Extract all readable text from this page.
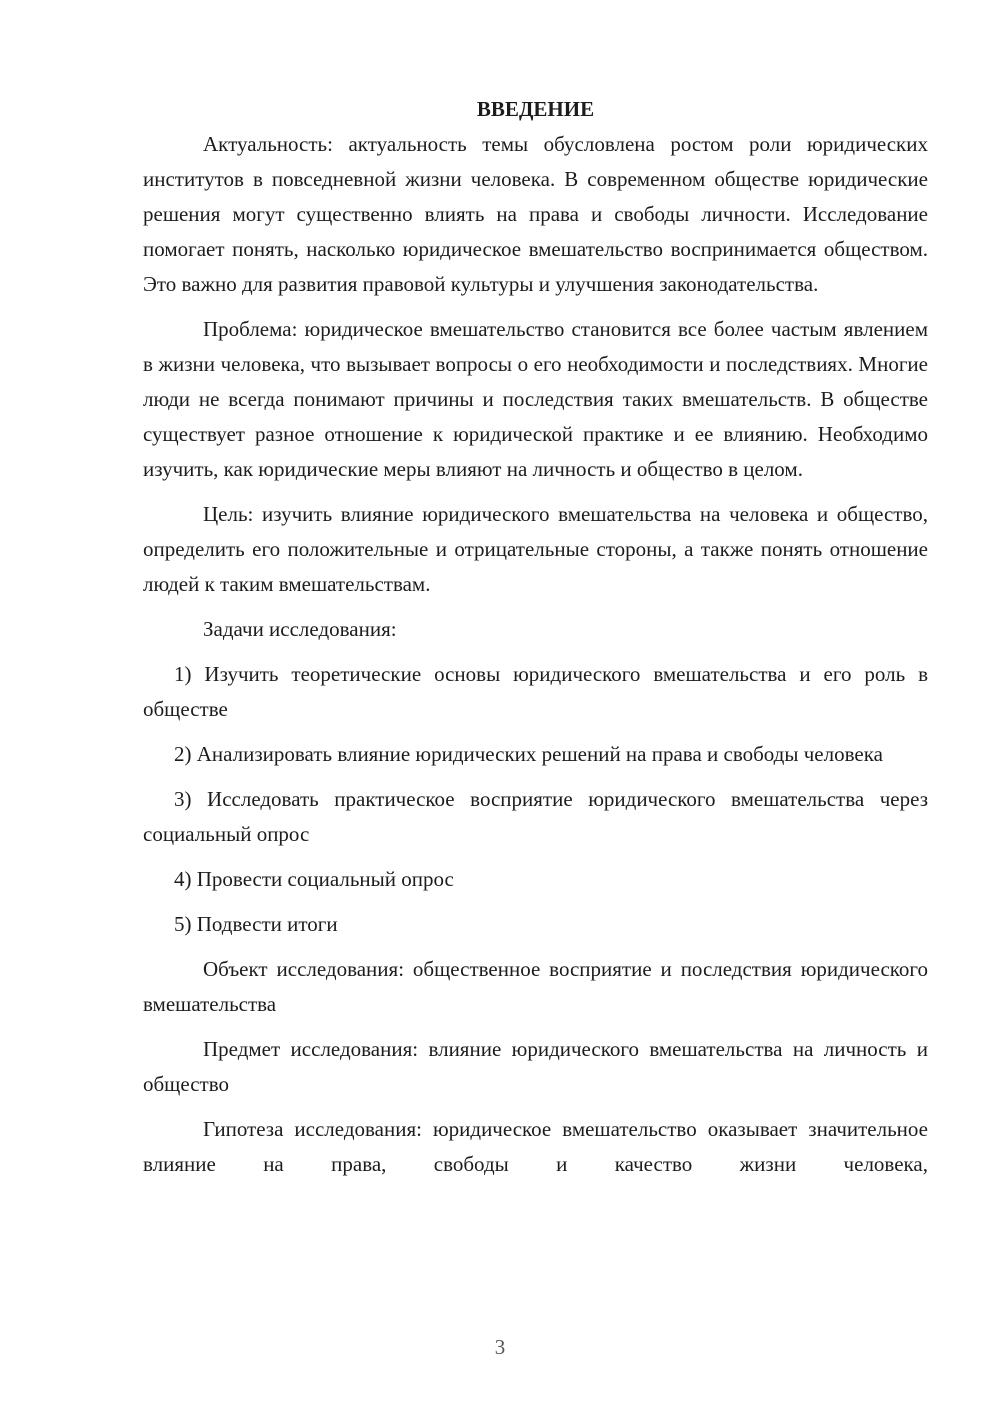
ВВЕДЕНИЕ

Актуальность: актуальность темы обусловлена ростом роли юридических институтов в повседневной жизни человека. В современном обществе юридические решения могут существенно влиять на права и свободы личности. Исследование помогает понять, насколько юридическое вмешательство воспринимается обществом. Это важно для развития правовой культуры и улучшения законодательства.

Проблема: юридическое вмешательство становится все более частым явлением в жизни человека, что вызывает вопросы о его необходимости и последствиях. Многие люди не всегда понимают причины и последствия таких вмешательств. В обществе существует разное отношение к юридической практике и ее влиянию. Необходимо изучить, как юридические меры влияют на личность и общество в целом.

Цель: изучить влияние юридического вмешательства на человека и общество, определить его положительные и отрицательные стороны, а также понять отношение людей к таким вмешательствам.

Задачи исследования:

1) Изучить теоретические основы юридического вмешательства и его роль в обществе

2) Анализировать влияние юридических решений на права и свободы человека

3) Исследовать практическое восприятие юридического вмешательства через социальный опрос

4) Провести социальный опрос

5) Подвести итоги

Объект исследования: общественное восприятие и последствия юридического вмешательства

Предмет исследования: влияние юридического вмешательства на личность и общество

Гипотеза исследования: юридическое вмешательство оказывает значительное влияние на права, свободы и качество жизни человека,

3
